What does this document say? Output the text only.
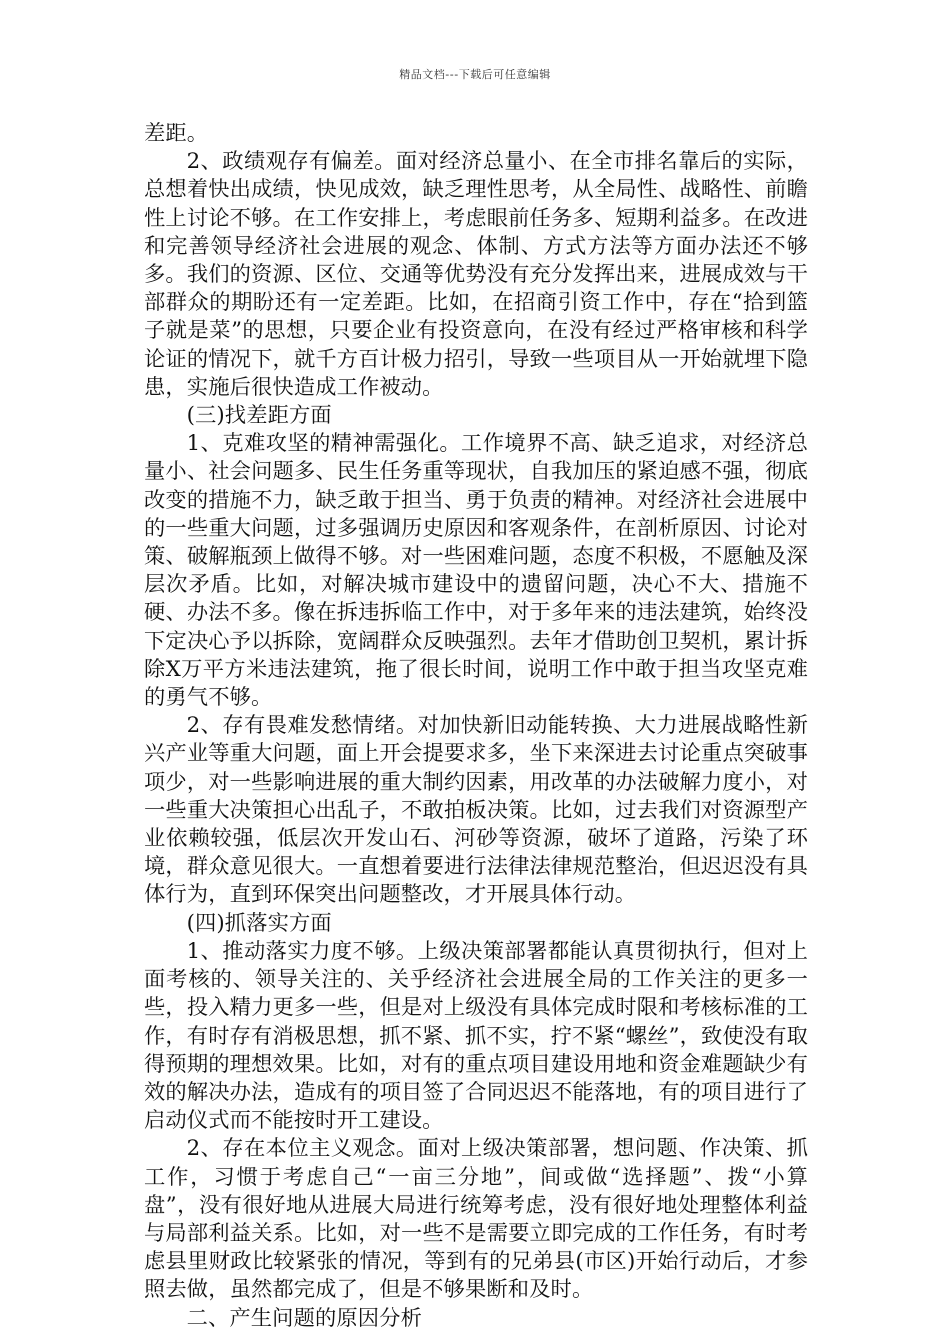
精品文档---下载后可任意编辑

差距。

2、政绩观存有偏差。面对经济总量小、在全市排名靠后的实际，总想着快出成绩，快见成效，缺乏理性思考，从全局性、战略性、前瞻性上讨论不够。在工作安排上，考虑眼前任务多、短期利益多。在改进和完善领导经济社会进展的观念、体制、方式方法等方面办法还不够多。我们的资源、区位、交通等优势没有充分发挥出来，进展成效与干部群众的期盼还有一定差距。比如，在招商引资工作中，存在“拾到篮子就是菜”的思想，只要企业有投资意向，在没有经过严格审核和科学论证的情况下，就千方百计极力招引，导致一些项目从一开始就埋下隐患，实施后很快造成工作被动。

(三)找差距方面

1、克难攻坚的精神需强化。工作境界不高、缺乏追求，对经济总量小、社会问题多、民生任务重等现状，自我加压的紧迫感不强，彻底改变的措施不力，缺乏敢于担当、勇于负责的精神。对经济社会进展中的一些重大问题，过多强调历史原因和客观条件，在剖析原因、讨论对策、破解瓶颈上做得不够。对一些困难问题，态度不积极，不愿触及深层次矛盾。比如，对解决城市建设中的遗留问题，决心不大、措施不硬、办法不多。像在拆违拆临工作中，对于多年来的违法建筑，始终没下定决心予以拆除，宽阔群众反映强烈。去年才借助创卫契机，累计拆除X万平方米违法建筑，拖了很长时间，说明工作中敢于担当攻坚克难的勇气不够。

2、存有畏难发愁情绪。对加快新旧动能转换、大力进展战略性新兴产业等重大问题，面上开会提要求多，坐下来深进去讨论重点突破事项少，对一些影响进展的重大制约因素，用改革的办法破解力度小，对一些重大决策担心出乱子，不敢拍板决策。比如，过去我们对资源型产业依赖较强，低层次开发山石、河砂等资源，破坏了道路，污染了环境，群众意见很大。一直想着要进行法律法律规范整治，但迟迟没有具体行为，直到环保突出问题整改，才开展具体行动。

(四)抓落实方面

1、推动落实力度不够。上级决策部署都能认真贯彻执行，但对上面考核的、领导关注的、关乎经济社会进展全局的工作关注的更多一些，投入精力更多一些，但是对上级没有具体完成时限和考核标准的工作，有时存有消极思想，抓不紧、抓不实，拧不紧“螺丝”，致使没有取得预期的理想效果。比如，对有的重点项目建设用地和资金难题缺少有效的解决办法，造成有的项目签了合同迟迟不能落地，有的项目进行了启动仪式而不能按时开工建设。

2、存在本位主义观念。面对上级决策部署，想问题、作决策、抓工作，习惯于考虑自己“一亩三分地”，间或做“选择题”、拨“小算盘”，没有很好地从进展大局进行统筹考虑，没有很好地处理整体利益与局部利益关系。比如，对一些不是需要立即完成的工作任务，有时考虑县里财政比较紧张的情况，等到有的兄弟县(市区)开始行动后，才参照去做，虽然都完成了，但是不够果断和及时。

二、产生问题的原因分析
